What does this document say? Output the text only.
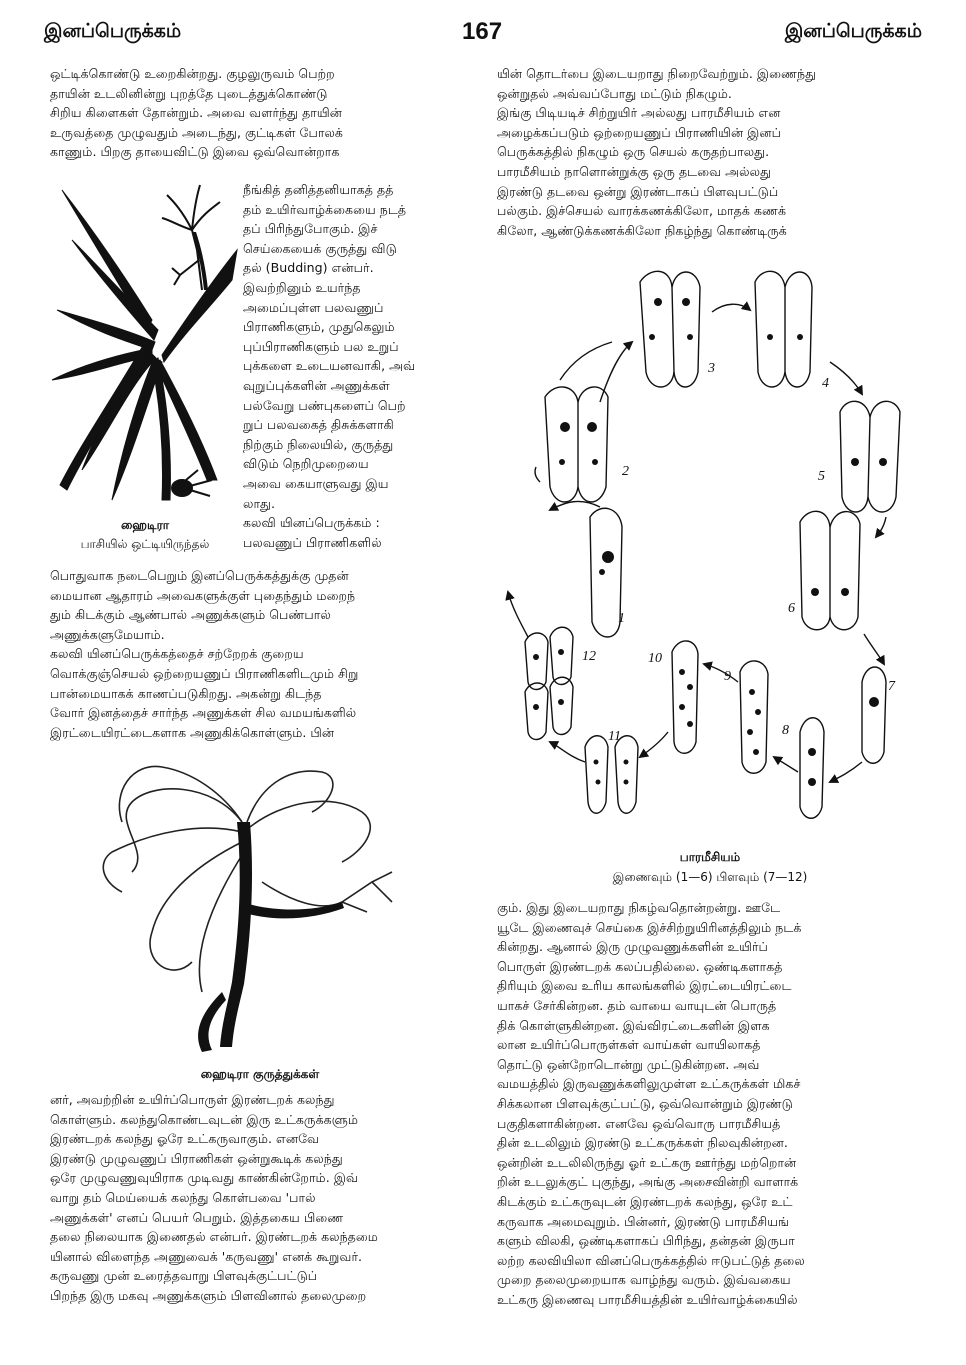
இனப்பெருக்கம்	167	இனப்பெருக்கம்

ஒட்டிக்கொண்டு உறைகின்றது. குழலுருவம் பெற்ற
தாயின் உடலினின்று புறத்தே புடைத்துக்கொண்டு
சிறிய கிளைகள் தோன்றும். அவை வளர்ந்து தாயின்
உருவத்தை முழுவதும் அடைந்து, குட்டிகள் போலக்
காணும். பிறகு தாயைவிட்டு இவை ஒவ்வொன்றாக

நீங்கித் தனித்தனியாகத் தத்
தம் உயிர்வாழ்க்கையை நடத்
தப் பிரிந்துபோகும். இச்
செய்கையைக் குருத்து விடு
தல் (Budding) என்பர்.
இவற்றினும் உயர்ந்த
அமைப்புள்ள பலவணுப்
பிராணிகளும், முதுகெலும்
புப்பிராணிகளும் பல உறுப்
புக்களை உடையனவாகி, அவ்
வுறுப்புக்களின் அணுக்கள்
பல்வேறு பண்புகளைப் பெற்
றுப் பலவகைத் திசுக்களாகி
நிற்கும் நிலையில், குருத்து
விடும் நெறிமுறையை
அவை கையாளுவது இய
லாது.
கலவி யினப்பெருக்கம் :
பலவணுப் பிராணிகளில்

ஹைடிரா

பாசியில் ஒட்டியிருந்தல்

பொதுவாக நடைபெறும் இனப்பெருக்கத்துக்கு முதன்
மையான ஆதாரம் அவைகளுக்குள் புதைந்தும் மறைந்
தும் கிடக்கும் ஆண்பால் அணுக்களும் பெண்பால்
அணுக்களுமேயாம்.
கலவி யினப்பெருக்கத்தைச் சற்றேறக் குறைய
வொக்குஞ்செயல் ஒற்றையணுப் பிராணிகளிடமும் சிறு
பான்மையாகக் காணப்படுகிறது. அகன்று கிடந்த
வோர் இனத்தைச் சார்ந்த அணுக்கள் சில வமயங்களில்
இரட்டையிரட்டைகளாக அணுகிக்கொள்ளும். பின்

ஹைடிரா குருத்துக்கள்

னர், அவற்றின் உயிர்ப்பொருள் இரண்டறக் கலந்து
கொள்ளும். கலந்துகொண்டவுடன் இரு உட்கருக்களும்
இரண்டறக் கலந்து ஓரே உட்கருவாகும். எனவே
இரண்டு முழுவணுப் பிராணிகள் ஒன்றுகூடிக் கலந்து
ஒரே முழுவணுவுயிராக முடிவது காண்கின்றோம். இவ்
வாறு தம் மெய்யைக் கலந்து கொள்பவை 'பால்
அணுக்கள்' எனப் பெயர் பெறும். இத்தகைய பிணை
தலை நிலையாக இணைதல் என்பர். இரண்டறக் கலந்தமை
யினால் விளைந்த அணுவைக் 'கருவணு' எனக் கூறுவர்.
கருவணு முன் உரைத்தவாறு பிளவுக்குட்பட்டுப்
பிறந்த இரு மகவு அணுக்களும் பிளவினால் தலைமுறை

யின் தொடர்பை இடையறாது நிறைவேற்றும். இணைந்து
ஒன்றுதல் அவ்வப்போது மட்டும் நிகழும்.
இங்கு பிடியடிச் சிற்றுயிர் அல்லது பாரமீசியம் என
அழைக்கப்படும் ஒற்றையணுப் பிராணியின் இனப்
பெருக்கத்தில் நிகழும் ஒரு செயல் கருதற்பாலது.
பாரமீசியம் நாளொன்றுக்கு ஒரு தடவை அல்லது
இரண்டு தடவை ஒன்று இரண்டாகப் பிளவுபட்டுப்
பல்கும். இச்செயல் வாரக்கணக்கிலோ, மாதக் கணக்
கிலோ, ஆண்டுக்கணக்கிலோ நிகழ்ந்து கொண்டிருக்

1
2
3
4
5
6
7
8
9
10
11
12

பாரமீசியம்

இணைவும் (1—6) பிளவும் (7—12)

கும். இது இடையறாது நிகழ்வதொன்றன்று. ஊடே
யூடே இணைவுச் செய்கை இச்சிற்றுயிரினத்திலும் நடக்
கின்றது. ஆனால் இரு முழுவணுக்களின் உயிர்ப்
பொருள் இரண்டறக் கலப்பதில்லை. ஒண்டிகளாகத்
திரியும் இவை உரிய காலங்களில் இரட்டையிரட்டை
யாகச் சேர்கின்றன. தம் வாயை வாயுடன் பொருத்
திக் கொள்ளுகின்றன. இவ்விரட்டைகளின் இளக
லான உயிர்ப்பொருள்கள் வாய்கள் வாயிலாகத்
தொட்டு ஒன்றோடொன்று முட்டுகின்றன. அவ்
வமயத்தில் இருவணுக்களிலுமுள்ள உட்கருக்கள் மிகச்
சிக்கலான பிளவுக்குட்பட்டு, ஒவ்வொன்றும் இரண்டு
பகுதிகளாகின்றன. எனவே ஒவ்வொரு பாரமீசியத்
தின் உடலிலும் இரண்டு உட்கருக்கள் நிலவுகின்றன.
ஒன்றின் உடலிலிருந்து ஓர் உட்கரு ஊர்ந்து மற்றொன்
றின் உடலுக்குட் புகுந்து, அங்கு அசைவின்றி வாளாக்
கிடக்கும் உட்கருவுடன் இரண்டறக் கலந்து, ஒரே உட்
கருவாக அமைவுறும். பின்னர், இரண்டு பாரமீசியங்
களும் விலகி, ஒண்டிகளாகப் பிரிந்து, தன்தன் இருபா
லற்ற கலவியிலா வினப்பெருக்கத்தில் ஈடுபட்டுத் தலை
முறை தலைமுறையாக வாழ்ந்து வரும். இவ்வகைய
உட்கரு இணைவு பாரமீசியத்தின் உயிர்வாழ்க்கையில்
